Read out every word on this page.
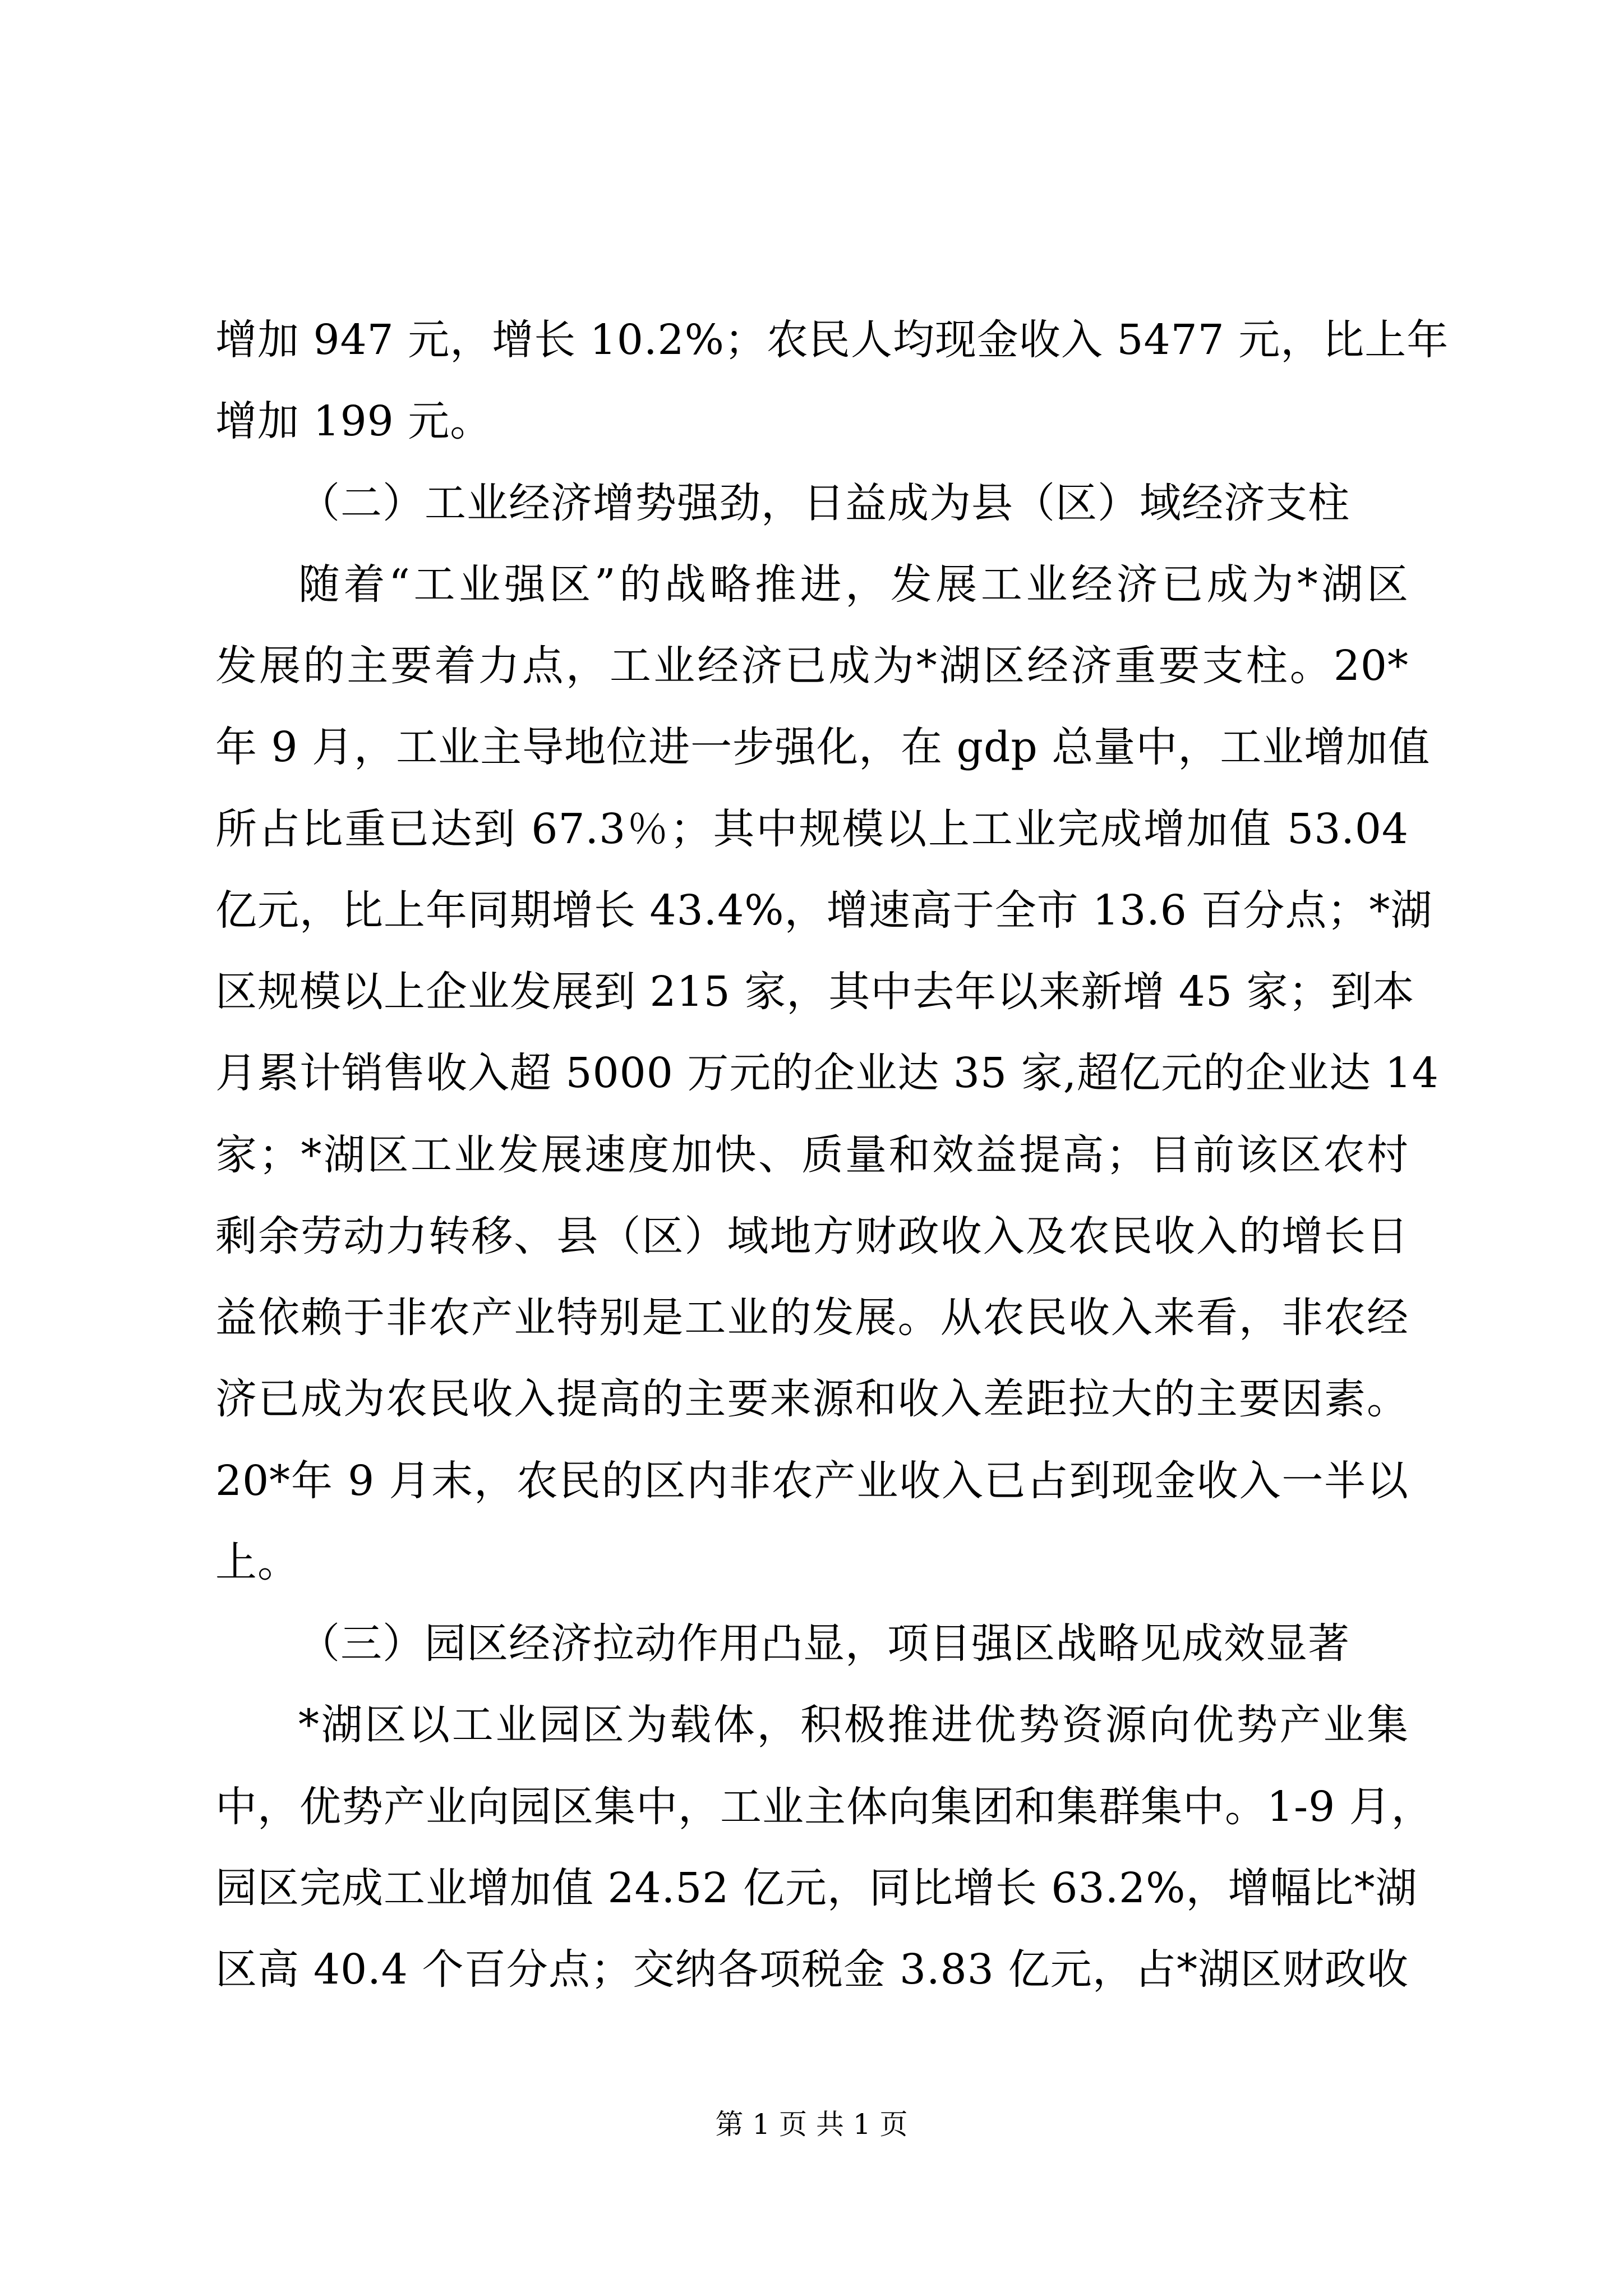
增加 947 元，增长 10.2%；农民人均现金收入 5477 元，比上年
增加 199 元。
（二）工业经济增势强劲，日益成为县（区）域经济支柱
随着“工业强区”的战略推进，发展工业经济已成为*湖区
发展的主要着力点，工业经济已成为*湖区经济重要支柱。20*
年 9 月，工业主导地位进一步强化，在 gdp 总量中，工业增加值
所占比重已达到 67.3％；其中规模以上工业完成增加值 53.04
亿元，比上年同期增长 43.4%，增速高于全市 13.6 百分点；*湖
区规模以上企业发展到 215 家，其中去年以来新增 45 家；到本
月累计销售收入超 5000 万元的企业达 35 家,超亿元的企业达 14
家；*湖区工业发展速度加快、质量和效益提高；目前该区农村
剩余劳动力转移、县（区）域地方财政收入及农民收入的增长日
益依赖于非农产业特别是工业的发展。从农民收入来看，非农经
济已成为农民收入提高的主要来源和收入差距拉大的主要因素。
20*年 9 月末，农民的区内非农产业收入已占到现金收入一半以
上。
（三）园区经济拉动作用凸显，项目强区战略见成效显著
*湖区以工业园区为载体，积极推进优势资源向优势产业集
中，优势产业向园区集中，工业主体向集团和集群集中。1-9 月，
园区完成工业增加值 24.52 亿元，同比增长 63.2%，增幅比*湖
区高 40.4 个百分点；交纳各项税金 3.83 亿元，占*湖区财政收
第 1 页 共 1 页
